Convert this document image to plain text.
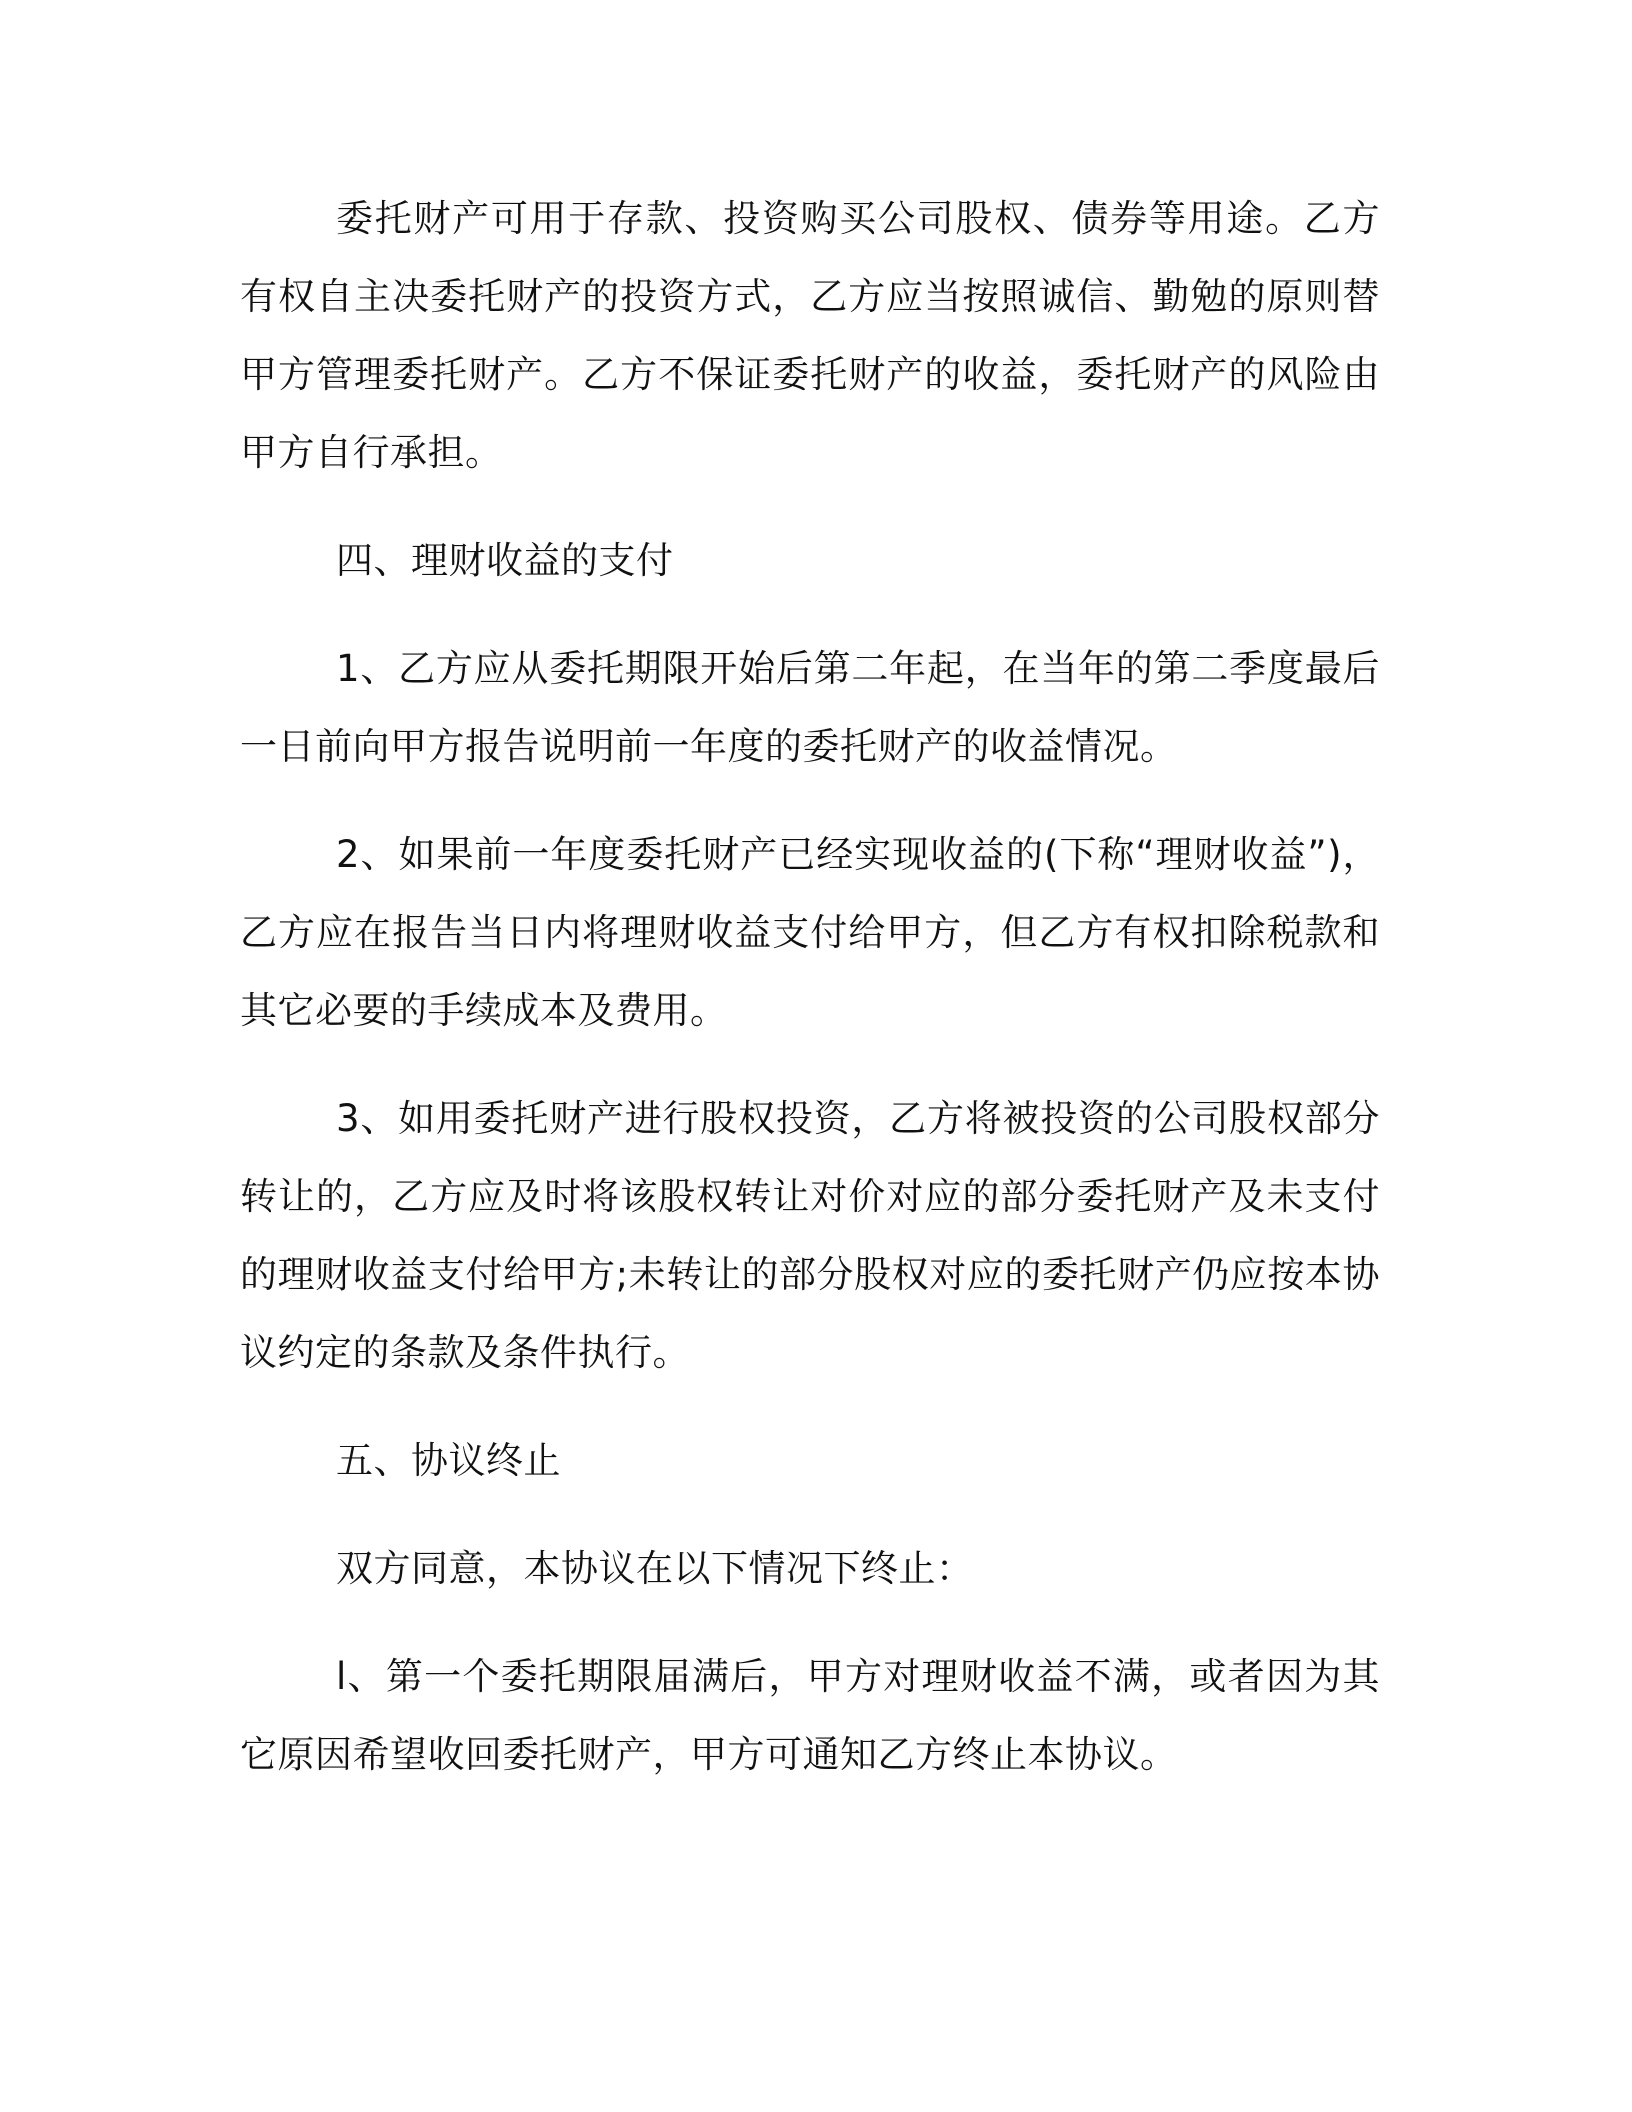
委托财产可用于存款、投资购买公司股权、债券等用途。乙方有权自主决委托财产的投资方式，乙方应当按照诚信、勤勉的原则替甲方管理委托财产。乙方不保证委托财产的收益，委托财产的风险由甲方自行承担。

四、理财收益的支付

1、乙方应从委托期限开始后第二年起，在当年的第二季度最后一日前向甲方报告说明前一年度的委托财产的收益情况。

2、如果前一年度委托财产已经实现收益的(下称“理财收益”)，乙方应在报告当日内将理财收益支付给甲方，但乙方有权扣除税款和其它必要的手续成本及费用。

3、如用委托财产进行股权投资，乙方将被投资的公司股权部分转让的，乙方应及时将该股权转让对价对应的部分委托财产及未支付的理财收益支付给甲方;未转让的部分股权对应的委托财产仍应按本协议约定的条款及条件执行。

五、协议终止

双方同意，本协议在以下情况下终止：

l、第一个委托期限届满后，甲方对理财收益不满，或者因为其它原因希望收回委托财产，甲方可通知乙方终止本协议。
